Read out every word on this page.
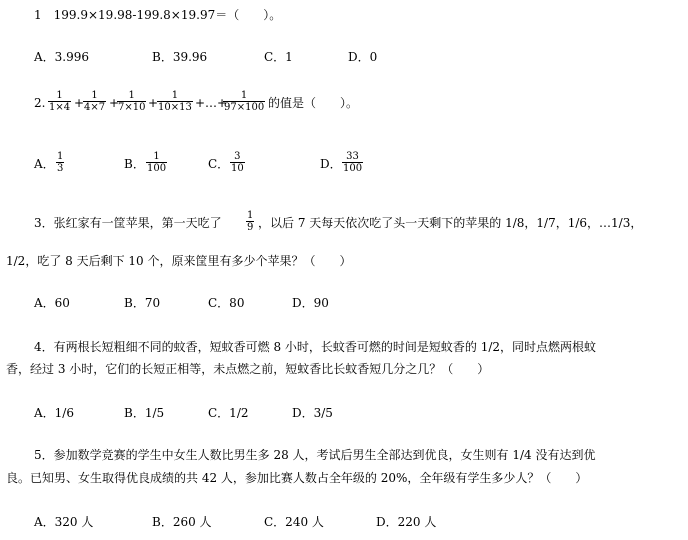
1　199.9×19.98-199.8×19.97＝（　　）。
A．3.996	B．39.96	C．1	D．0
2. $\frac{1}{1\times 4}$ +
$\frac{1}{4\times 7}$ +
$\frac{1}{7\times 10}$ +
$\frac{1}{10\times 13}$ +…+
$\frac{1}{97\times 100}$ 的值是（　　）。
A． $\frac{1}{3}$	B． $\frac{1}{100}$	C． $\frac{3}{10}$	D． $\frac{33}{100}$
3．张红家有一筐苹果，第一天吃了 $\frac{1}{9}$ ，以后 7 天每天依次吃了头一天剩下的苹果的 1/8，1/7，1/6，…1/3，
1/2，吃了 8 天后剩下 10 个，原来筐里有多少个苹果？（　　）
A．60	B．70	C．80	D．90
4．有两根长短粗细不同的蚊香，短蚊香可燃 8 小时，长蚊香可燃的时间是短蚊香的 1/2，同时点燃两根蚊
香，经过 3 小时，它们的长短正相等，未点燃之前，短蚊香比长蚊香短几分之几？（　　）
A．1/6	B．1/5	C．1/2	D．3/5
5．参加数学竞赛的学生中女生人数比男生多 28 人，考试后男生全部达到优良，女生则有 1/4 没有达到优
良。已知男、女生取得优良成绩的共 42 人，参加比赛人数占全年级的 20%，全年级有学生多少人？（　　）
A．320 人	B．260 人	C．240 人	D．220 人
